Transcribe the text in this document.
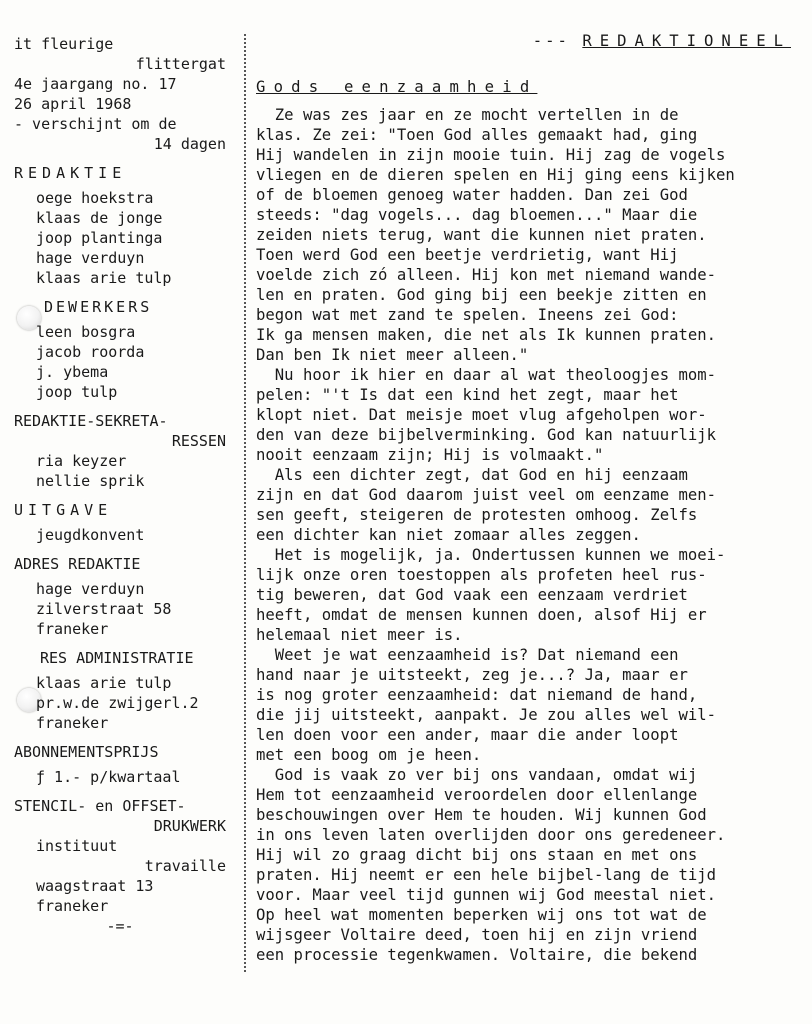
it fleurige
flittergat
4e jaargang no. 17
26 april 1968
- verschijnt om de
14 dagen
REDAKTIE
oege hoekstra
klaas de jonge
joop plantinga
hage verduyn
klaas arie tulp
DEWERKERS
leen bosgra
jacob roorda
j. ybema
joop tulp
REDAKTIE-SEKRETA-
RESSEN
ria keyzer
nellie sprik
UITGAVE
jeugdkonvent
ADRES REDAKTIE
hage verduyn
zilverstraat 58
franeker
RES ADMINISTRATIE
klaas arie tulp
pr.w.de zwijgerl.2
franeker
ABONNEMENTSPRIJS
ƒ 1.- p/kwartaal
STENCIL- en OFFSET-
DRUKWERK
instituut
travaille
waagstraat 13
franeker
-=-
--- REDAKTIONEEL
Gods eenzaamheid
Ze was zes jaar en ze mocht vertellen in de
klas. Ze zei: "Toen God alles gemaakt had, ging
Hij wandelen in zijn mooie tuin. Hij zag de vogels
vliegen en de dieren spelen en Hij ging eens kijken
of de bloemen genoeg water hadden. Dan zei God
steeds: "dag vogels... dag bloemen..." Maar die
zeiden niets terug, want die kunnen niet praten.
Toen werd God een beetje verdrietig, want Hij
voelde zich zó alleen. Hij kon met niemand wande-
len en praten. God ging bij een beekje zitten en
begon wat met zand te spelen. Ineens zei God:
Ik ga mensen maken, die net als Ik kunnen praten.
Dan ben Ik niet meer alleen."
Nu hoor ik hier en daar al wat theoloogjes mom-
pelen: "'t Is dat een kind het zegt, maar het
klopt niet. Dat meisje moet vlug afgeholpen wor-
den van deze bijbelverminking. God kan natuurlijk
nooit eenzaam zijn; Hij is volmaakt."
Als een dichter zegt, dat God en hij eenzaam
zijn en dat God daarom juist veel om eenzame men-
sen geeft, steigeren de protesten omhoog. Zelfs
een dichter kan niet zomaar alles zeggen.
Het is mogelijk, ja. Ondertussen kunnen we moei-
lijk onze oren toestoppen als profeten heel rus-
tig beweren, dat God vaak een eenzaam verdriet
heeft, omdat de mensen kunnen doen, alsof Hij er
helemaal niet meer is.
Weet je wat eenzaamheid is? Dat niemand een
hand naar je uitsteekt, zeg je...? Ja, maar er
is nog groter eenzaamheid: dat niemand de hand,
die jij uitsteekt, aanpakt. Je zou alles wel wil-
len doen voor een ander, maar die ander loopt
met een boog om je heen.
God is vaak zo ver bij ons vandaan, omdat wij
Hem tot eenzaamheid veroordelen door ellenlange
beschouwingen over Hem te houden. Wij kunnen God
in ons leven laten overlijden door ons geredeneer.
Hij wil zo graag dicht bij ons staan en met ons
praten. Hij neemt er een hele bijbel-lang de tijd
voor. Maar veel tijd gunnen wij God meestal niet.
Op heel wat momenten beperken wij ons tot wat de
wijsgeer Voltaire deed, toen hij en zijn vriend
een processie tegenkwamen. Voltaire, die bekend
